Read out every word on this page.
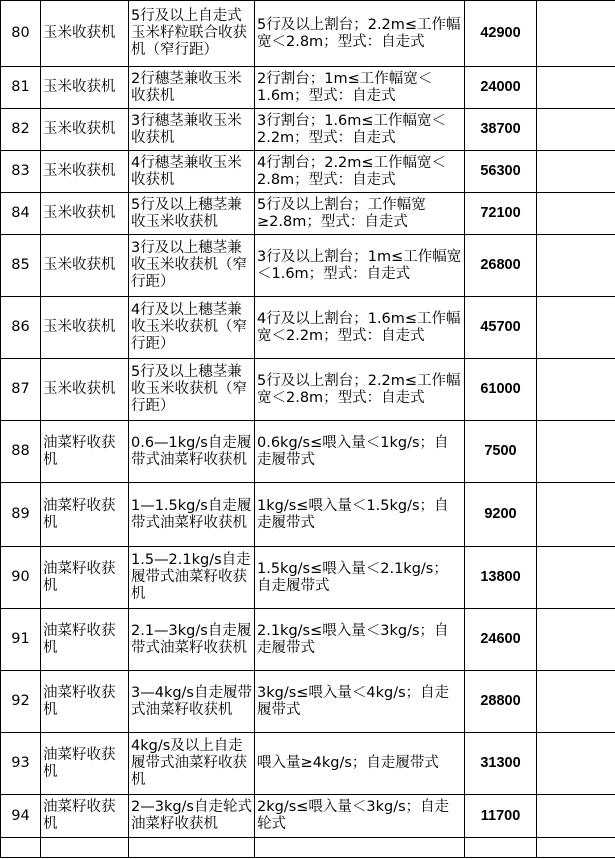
80	玉米收获机	5行及以上自走式玉米籽粒联合收获机（窄行距）	5行及以上割台；2.2m≤工作幅宽＜2.8m；型式：自走式	42900	
81	玉米收获机	2行穗茎兼收玉米收获机	2行割台；1m≤工作幅宽＜1.6m；型式：自走式	24000	
82	玉米收获机	3行穗茎兼收玉米收获机	3行割台；1.6m≤工作幅宽＜2.2m；型式：自走式	38700	
83	玉米收获机	4行穗茎兼收玉米收获机	4行割台；2.2m≤工作幅宽＜2.8m；型式：自走式	56300	
84	玉米收获机	5行及以上穗茎兼收玉米收获机	5行及以上割台；工作幅宽≥2.8m；型式：自走式	72100	
85	玉米收获机	3行及以上穗茎兼收玉米收获机（窄行距）	3行及以上割台；1m≤工作幅宽＜1.6m；型式：自走式	26800	
86	玉米收获机	4行及以上穗茎兼收玉米收获机（窄行距）	4行及以上割台；1.6m≤工作幅宽＜2.2m；型式：自走式	45700	
87	玉米收获机	5行及以上穗茎兼收玉米收获机（窄行距）	5行及以上割台；2.2m≤工作幅宽＜2.8m；型式：自走式	61000	
88	油菜籽收获机	0.6—1kg/s自走履带式油菜籽收获机	0.6kg/s≤喂入量＜1kg/s；自走履带式	7500	
89	油菜籽收获机	1—1.5kg/s自走履带式油菜籽收获机	1kg/s≤喂入量＜1.5kg/s；自走履带式	9200	
90	油菜籽收获机	1.5—2.1kg/s自走履带式油菜籽收获机	1.5kg/s≤喂入量＜2.1kg/s；自走履带式	13800	
91	油菜籽收获机	2.1—3kg/s自走履带式油菜籽收获机	2.1kg/s≤喂入量＜3kg/s；自走履带式	24600	
92	油菜籽收获机	3—4kg/s自走履带式油菜籽收获机	3kg/s≤喂入量＜4kg/s；自走履带式	28800	
93	油菜籽收获机	4kg/s及以上自走履带式油菜籽收获机	喂入量≥4kg/s；自走履带式	31300	
94	油菜籽收获机	2—3kg/s自走轮式油菜籽收获机	2kg/s≤喂入量＜3kg/s；自走轮式	11700	
